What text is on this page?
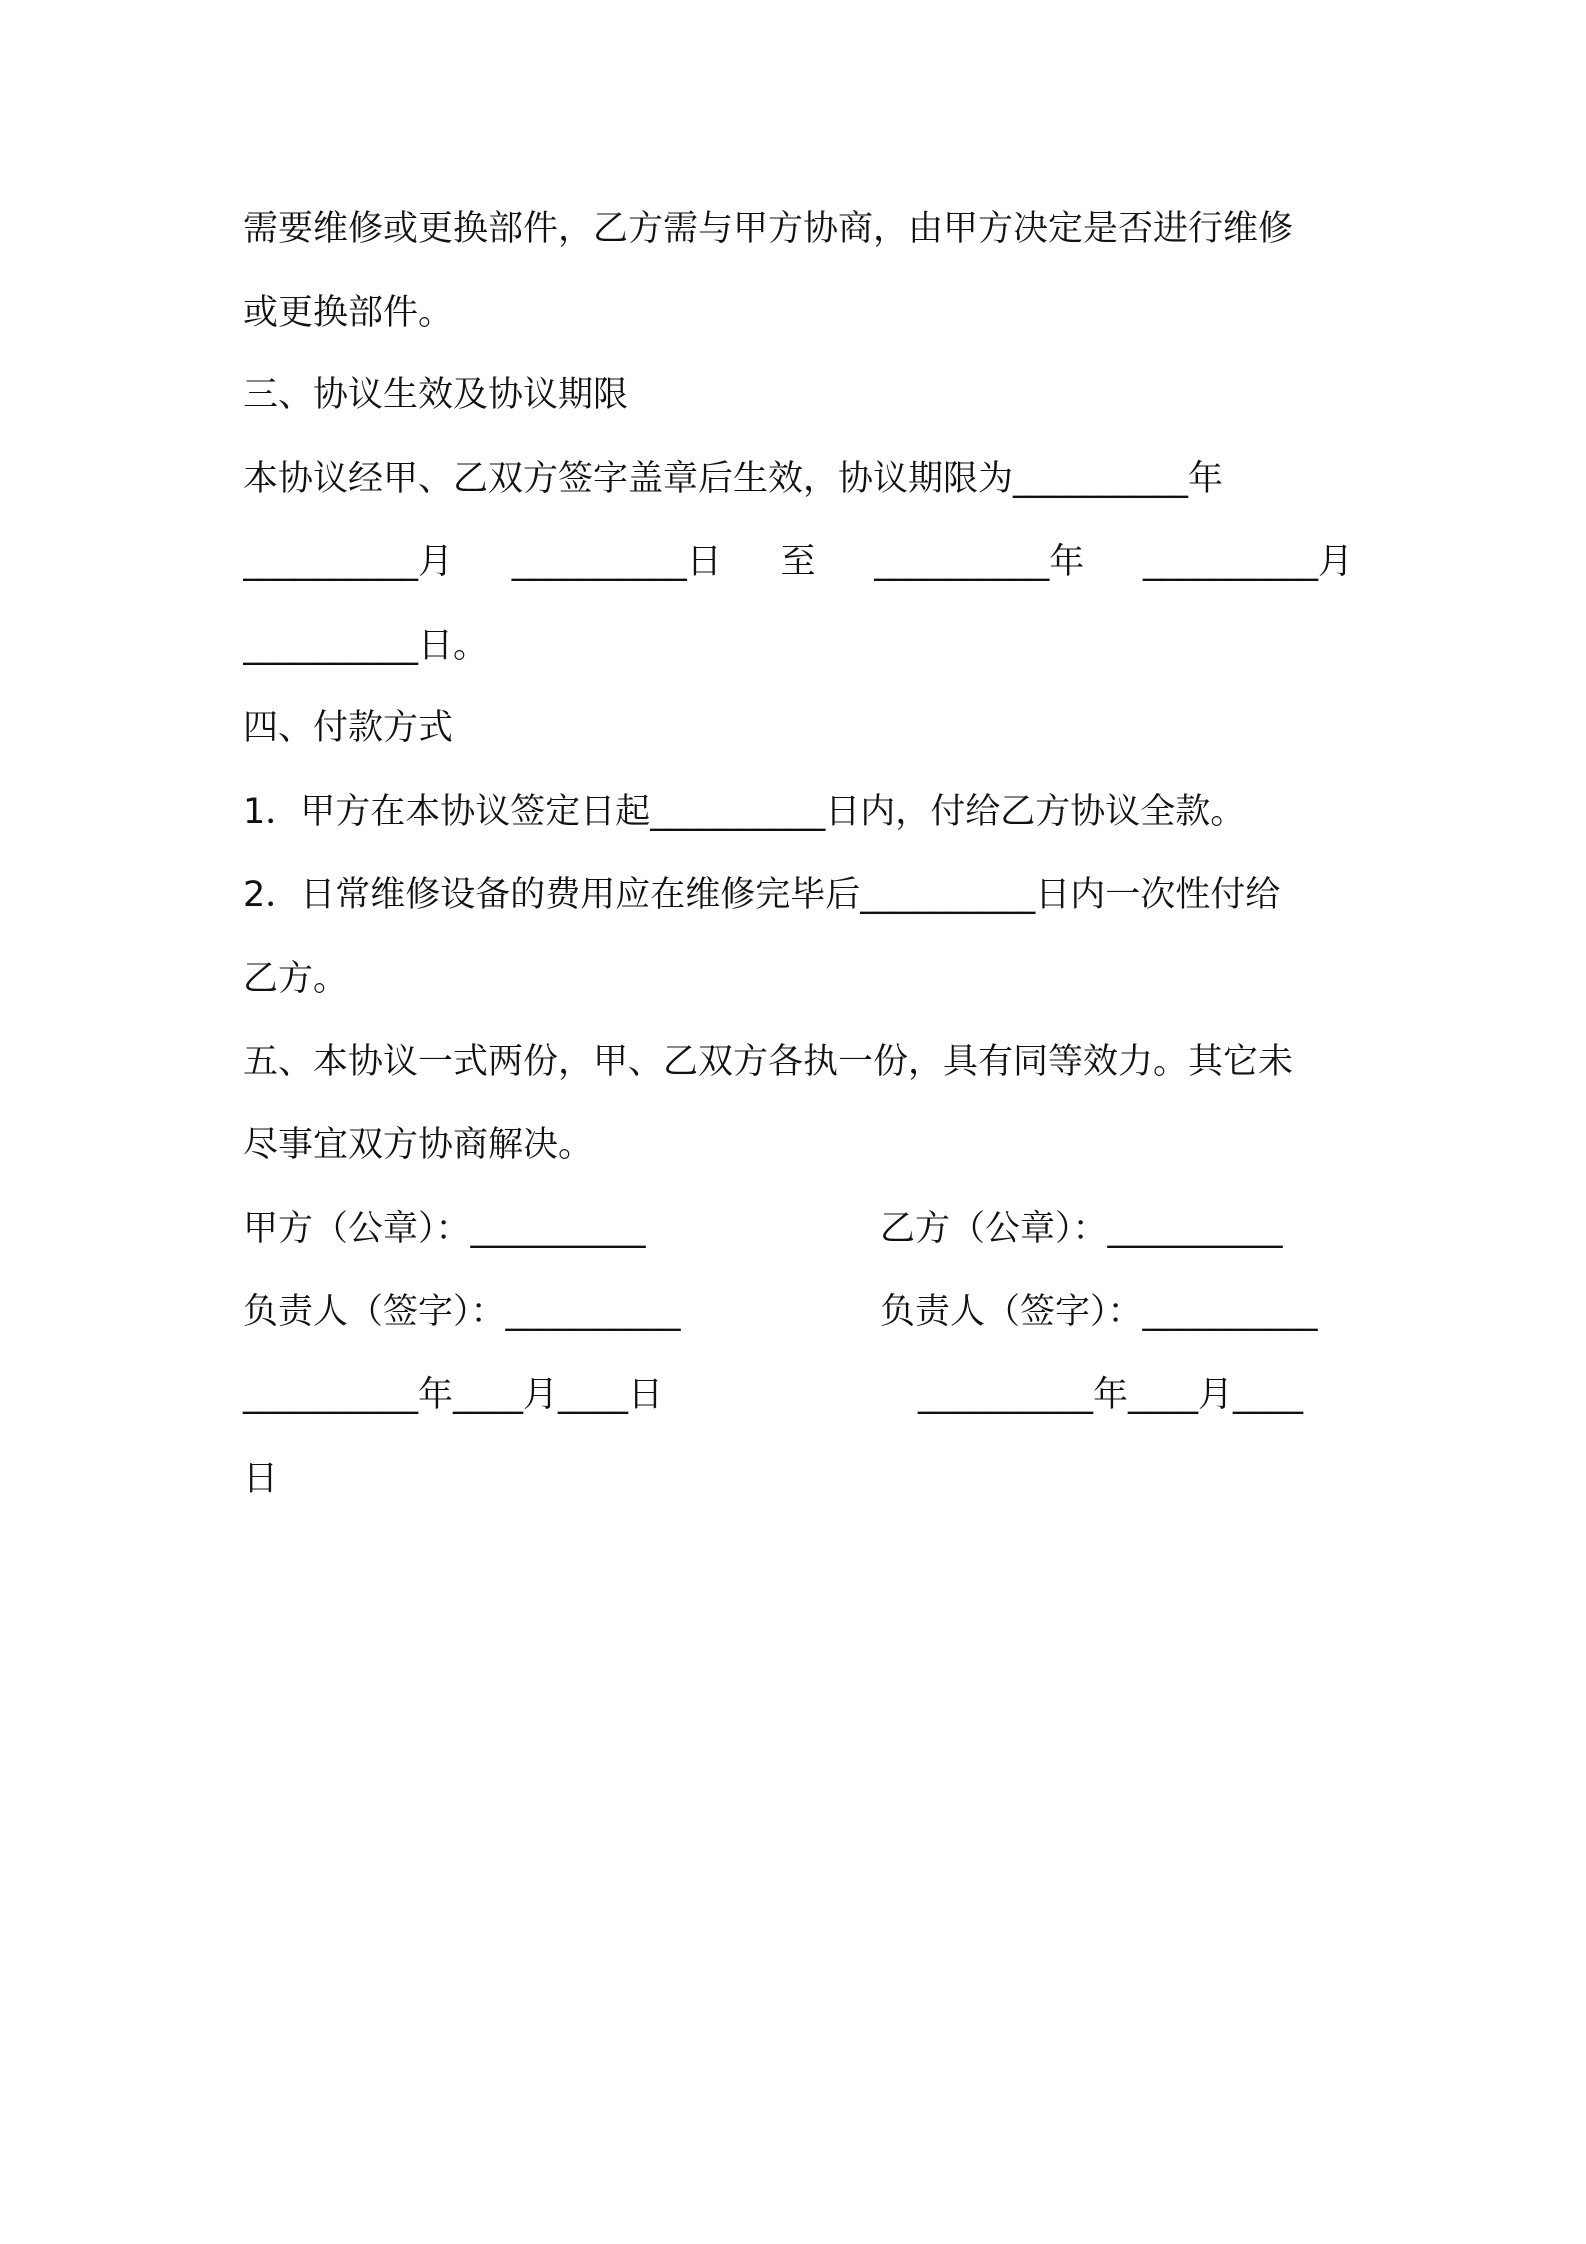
需要维修或更换部件，乙方需与甲方协商，由甲方决定是否进行维修
或更换部件。
三、协议生效及协议期限
本协议经甲、乙双方签字盖章后生效，协议期限为__________年
__________月 __________日 至 __________年 __________月
__________日。
四、付款方式
1．甲方在本协议签定日起__________日内，付给乙方协议全款。
2．日常维修设备的费用应在维修完毕后__________日内一次性付给
乙方。
五、本协议一式两份，甲、乙双方各执一份，具有同等效力。其它未
尽事宜双方协商解决。
甲方（公章）：__________	乙方（公章）：__________
负责人（签字）：__________	负责人（签字）：__________
__________年____月____日	__________年____月____
日
